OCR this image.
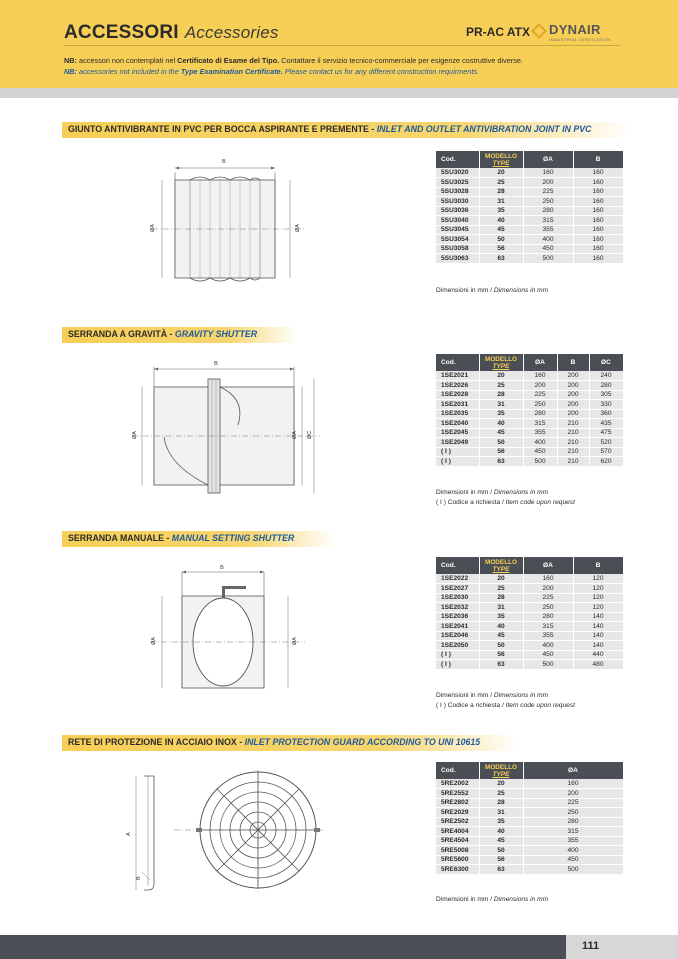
ACCESSORI Accessories	PR-AC ATX DYNAIR
INDUSTRIAL VENTILATION
NB: accessori non contemplati nel Certificato di Esame del Tipo. Contattare il servizio tecnico-commerciale per esigenze costruttive diverse.
NB: accessories not included in the Type Examination Certificate. Please contact us for any different construction requirments.
GIUNTO ANTIVIBRANTE IN PVC PER BOCCA ASPIRANTE E PREMENTE - INLET AND OUTLET ANTIVIBRATION JOINT IN PVC
B
ØA	ØA
Cod.	MODELLO
TYPE	ØA	B
5SU3020	20	160	160
5SU3025	25	200	160
5SU3028	28	225	160
5SU3030	31	250	160
5SU3036	35	280	160
5SU3040	40	315	160
5SU3045	45	355	160
5SU3054	50	400	160
5SU3058	56	450	160
5SU3063	63	500	160
Dimensioni in mm / Dimensions in mm
SERRANDA A GRAVITÀ - GRAVITY SHUTTER
B
ØA	ØA ØC
Cod.	MODELLO
TYPE	ØA	B	ØC
1SE2021	20	160	200	240
1SE2026	25	200	200	280
1SE2028	28	225	200	305
1SE2031	31	250	200	330
1SE2035	35	280	200	360
1SE2040	40	315	210	435
1SE2045	45	355	210	475
1SE2049	50	400	210	520
( I )	56	450	210	570
( I )	63	500	210	620
Dimensioni in mm / Dimensions in mm
( I ) Codice a richiesta / Item code upon request
SERRANDA MANUALE - MANUAL SETTING SHUTTER
B
ØA	ØA
Cod.	MODELLO
TYPE	ØA	B
1SE2022	20	160	120
1SE2027	25	200	120
1SE2030	28	225	120
1SE2032	31	250	120
1SE2036	35	280	140
1SE2041	40	315	140
1SE2046	45	355	140
1SE2050	50	400	140
( I )	56	450	440
( I )	63	500	480
Dimensioni in mm / Dimensions in mm
( I ) Codice a richiesta / Item code upon request
RETE DI PROTEZIONE IN ACCIAIO INOX - INLET PROTECTION GUARD ACCORDING TO UNI 10615
A
B
Cod.	MODELLO
TYPE	ØA
5RE2002	20	160
5RE2552	25	200
5RE2802	28	225
5RE2029	31	250
5RE2502	35	280
5RE4004	40	315
5RE4504	45	355
5RE5008	50	400
5RE5600	56	450
5RE6300	63	500
Dimensioni in mm / Dimensions in mm
111
